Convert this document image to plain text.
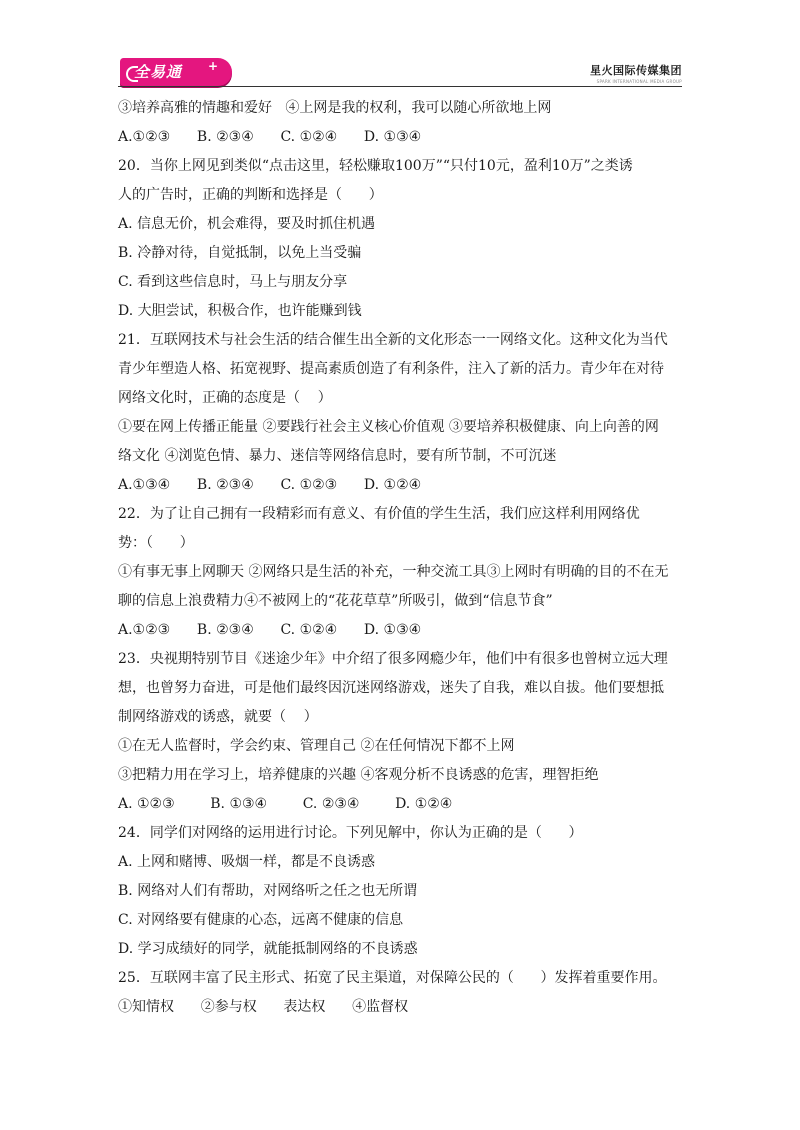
全易通 +	星火国际传媒集团
SPARK INTERNATIONAL MEDIA GROUP
③培养高雅的情趣和爱好   ④上网是我的权利，我可以随心所欲地上网
A.①②③      B. ②③④      C. ①②④      D. ①③④
20．当你上网见到类似“点击这里，轻松赚取100万”“只付10元，盈利10万”之类诱
人的广告时，正确的判断和选择是（      ）
A. 信息无价，机会难得，要及时抓住机遇
B. 冷静对待，自觉抵制，以免上当受骗
C. 看到这些信息时，马上与朋友分享
D. 大胆尝试，积极合作，也许能赚到钱
21．互联网技术与社会生活的结合催生出全新的文化形态一一网络文化。这种文化为当代
青少年塑造人格、拓宽视野、提高素质创造了有利条件，注入了新的活力。青少年在对待
网络文化时，正确的态度是（    ）
①要在网上传播正能量 ②要践行社会主义核心价值观 ③要培养积极健康、向上向善的网
络文化 ④浏览色情、暴力、迷信等网络信息时，要有所节制，不可沉迷
A.①③④      B. ②③④      C. ①②③      D. ①②④
22．为了让自己拥有一段精彩而有意义、有价值的学生生活，我们应这样利用网络优
势：（      ）
①有事无事上网聊天 ②网络只是生活的补充，一种交流工具③上网时有明确的目的不在无
聊的信息上浪费精力④不被网上的“花花草草”所吸引，做到“信息节食”
A.①②③      B. ②③④      C. ①②④      D. ①③④
23．央视期特别节目《迷途少年》中介绍了很多网瘾少年，他们中有很多也曾树立远大理
想，也曾努力奋进，可是他们最终因沉迷网络游戏，迷失了自我，难以自拔。他们要想抵
制网络游戏的诱惑，就要（    ）
①在无人监督时，学会约束、管理自己 ②在任何情况下都不上网
③把精力用在学习上，培养健康的兴趣 ④客观分析不良诱惑的危害，理智拒绝
A. ①②③        B. ①③④        C. ②③④        D. ①②④
24．同学们对网络的运用进行讨论。下列见解中，你认为正确的是（      ）
A. 上网和赌博、吸烟一样，都是不良诱惑
B. 网络对人们有帮助，对网络听之任之也无所谓
C. 对网络要有健康的心态，远离不健康的信息
D. 学习成绩好的同学，就能抵制网络的不良诱惑
25．互联网丰富了民主形式、拓宽了民主渠道，对保障公民的（      ）发挥着重要作用。
①知情权      ②参与权      表达权      ④监督权
